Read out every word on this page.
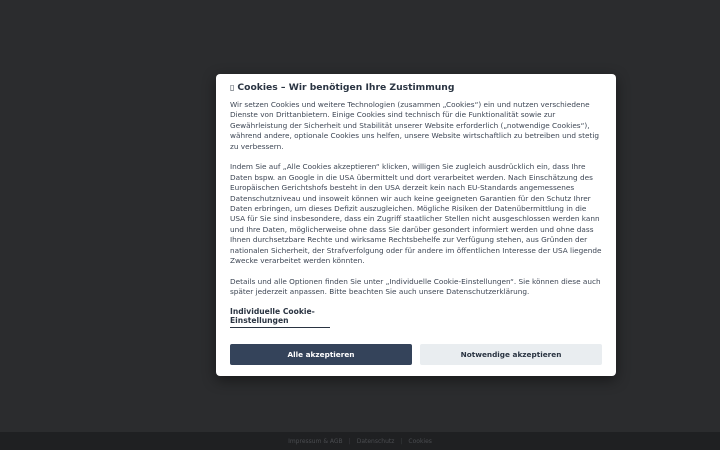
▯ Cookies – Wir benötigen Ihre Zustimmung

Wir setzen Cookies und weitere Technologien (zusammen „Cookies“) ein und nutzen verschiedene Dienste von Drittanbietern. Einige Cookies sind technisch für die Funktionalität sowie zur Gewährleistung der Sicherheit und Stabilität unserer Website erforderlich („notwendige Cookies“), während andere, optionale Cookies uns helfen, unsere Website wirtschaftlich zu betreiben und stetig zu verbessern.

Indem Sie auf „Alle Cookies akzeptieren“ klicken, willigen Sie zugleich ausdrücklich ein, dass Ihre Daten bspw. an Google in die USA übermittelt und dort verarbeitet werden. Nach Einschätzung des Europäischen Gerichtshofs besteht in den USA derzeit kein nach EU-Standards angemessenes Datenschutzniveau und insoweit können wir auch keine geeigneten Garantien für den Schutz Ihrer Daten erbringen, um dieses Defizit auszugleichen. Mögliche Risiken der Datenübermittlung in die USA für Sie sind insbesondere, dass ein Zugriff staatlicher Stellen nicht ausgeschlossen werden kann und Ihre Daten, möglicherweise ohne dass Sie darüber gesondert informiert werden und ohne dass Ihnen durchsetzbare Rechte und wirksame Rechtsbehelfe zur Verfügung stehen, aus Gründen der nationalen Sicherheit, der Strafverfolgung oder für andere im öffentlichen Interesse der USA liegende Zwecke verarbeitet werden könnten.

Details und alle Optionen finden Sie unter „Individuelle Cookie-Einstellungen“. Sie können diese auch später jederzeit anpassen. Bitte beachten Sie auch unsere Datenschutzerklärung.

Individuelle Cookie-Einstellungen
Alle akzeptieren	Notwendige akzeptieren
Impressum & AGB | Datenschutz | Cookies
